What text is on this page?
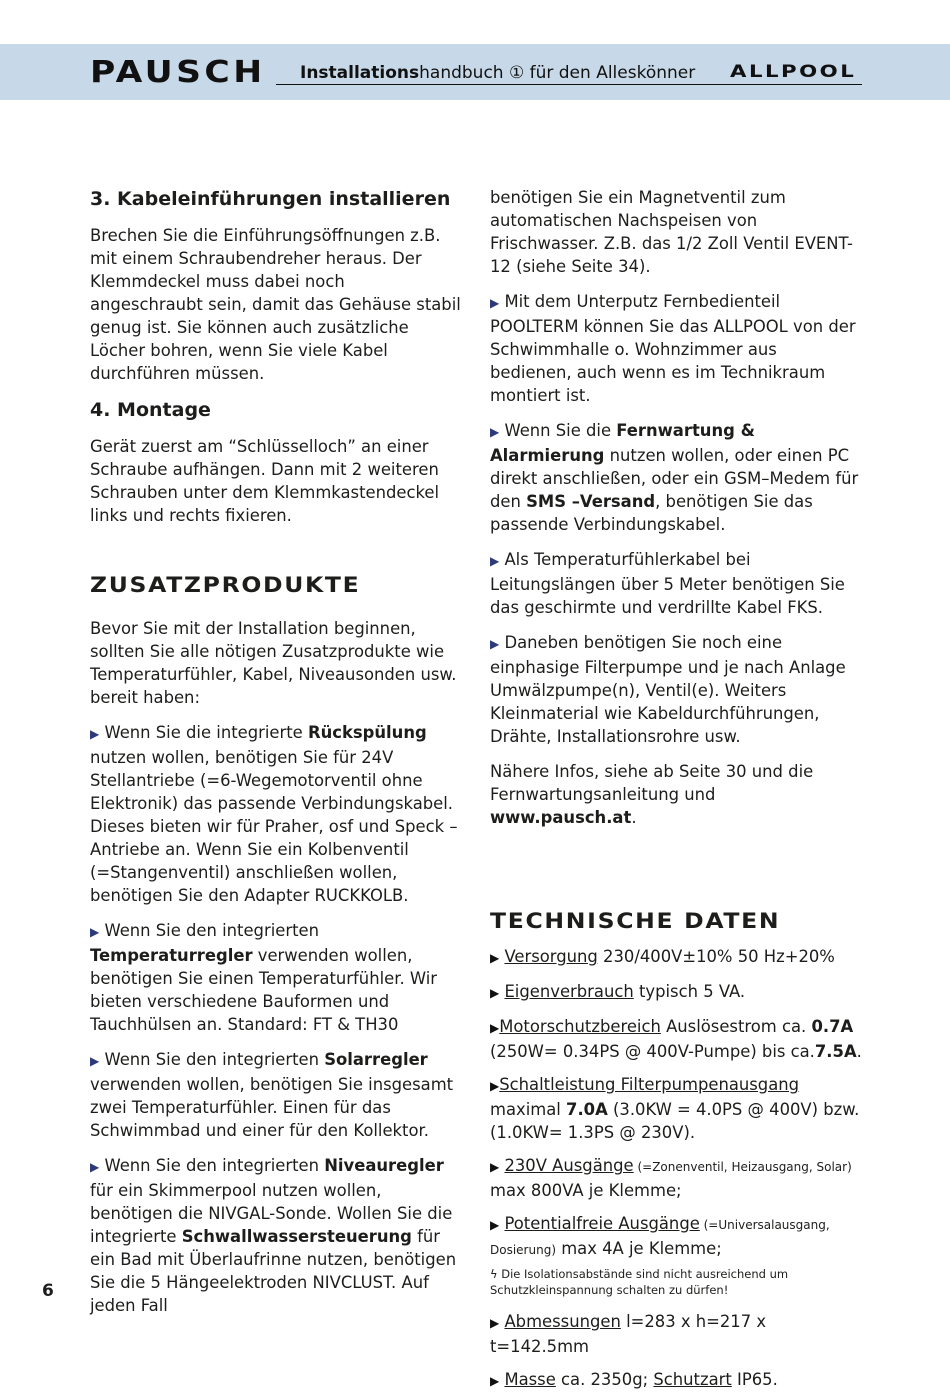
PAUSCH Installationshandbuch ① für den Alleskönner ALLPOOL
3. Kabeleinführungen installieren

Brechen Sie die Einführungsöffnungen z.B. mit einem Schraubendreher heraus. Der Klemmdeckel muss dabei noch angeschraubt sein, damit das Gehäuse stabil genug ist. Sie können auch zusätzliche Löcher bohren, wenn Sie viele Kabel durchführen müssen.

4. Montage

Gerät zuerst am “Schlüsselloch” an einer Schraube aufhängen. Dann mit 2 weiteren Schrauben unter dem Klemmkastendeckel links und rechts fixieren.

ZUSATZPRODUKTE

Bevor Sie mit der Installation beginnen, sollten Sie alle nötigen Zusatzprodukte wie Temperaturfühler, Kabel, Niveausonden usw. bereit haben:

▶ Wenn Sie die integrierte Rückspülung nutzen wollen, benötigen Sie für 24V Stellantriebe (=6-Wegemotorventil ohne Elektronik) das passende Verbindungskabel. Dieses bieten wir für Praher, osf und Speck – Antriebe an. Wenn Sie ein Kolbenventil (=Stangenventil) anschließen wollen, benötigen Sie den Adapter RUCKKOLB.

▶ Wenn Sie den integrierten Temperaturregler verwenden wollen, benötigen Sie einen Temperaturfühler. Wir bieten verschiedene Bauformen und Tauchhülsen an. Standard: FT & TH30

▶ Wenn Sie den integrierten Solarregler verwenden wollen, benötigen Sie insgesamt zwei Temperaturfühler. Einen für das Schwimmbad und einer für den Kollektor.

▶ Wenn Sie den integrierten Niveauregler für ein Skimmerpool nutzen wollen, benötigen die NIVGAL-Sonde. Wollen Sie die integrierte Schwallwassersteuerung für ein Bad mit Überlaufrinne nutzen, benötigen Sie die 5 Hängeelektroden NIVCLUST. Auf jeden Fall

benötigen Sie ein Magnetventil zum automatischen Nachspeisen von Frischwasser. Z.B. das 1/2 Zoll Ventil EVENT-12 (siehe Seite 34).

▶ Mit dem Unterputz Fernbedienteil POOLTERM können Sie das ALLPOOL von der Schwimmhalle o. Wohnzimmer aus bedienen, auch wenn es im Technikraum montiert ist.

▶ Wenn Sie die Fernwartung & Alarmierung nutzen wollen, oder einen PC direkt anschließen, oder ein GSM–Medem für den SMS –Versand, benötigen Sie das passende Verbindungskabel.

▶ Als Temperaturfühlerkabel bei Leitungslängen über 5 Meter benötigen Sie das geschirmte und verdrillte Kabel FKS.

▶ Daneben benötigen Sie noch eine einphasige Filterpumpe und je nach Anlage Umwälzpumpe(n), Ventil(e). Weiters Kleinmaterial wie Kabeldurchführungen, Drähte, Installationsrohre usw.

Nähere Infos, siehe ab Seite 30 und die Fernwartungsanleitung und www.pausch.at.

TECHNISCHE DATEN

▶ Versorgung 230/400V±10% 50 Hz+20%

▶ Eigenverbrauch typisch 5 VA.

▶Motorschutzbereich Auslösestrom ca. 0.7A (250W= 0.34PS @ 400V-Pumpe) bis ca.7.5A.

▶Schaltleistung Filterpumpenausgang maximal 7.0A (3.0KW = 4.0PS @ 400V) bzw. (1.0KW= 1.3PS @ 230V).

▶ 230V Ausgänge (=Zonenventil, Heizausgang, Solar) max 800VA je Klemme;

▶ Potentialfreie Ausgänge (=Universalausgang, Dosierung) max 4A je Klemme;

ϟ Die Isolationsabstände sind nicht ausreichend um Schutzkleinspannung schalten zu dürfen!

▶ Abmessungen l=283 x h=217 x t=142.5mm

▶ Masse ca. 2350g; Schutzart IP65.

6
